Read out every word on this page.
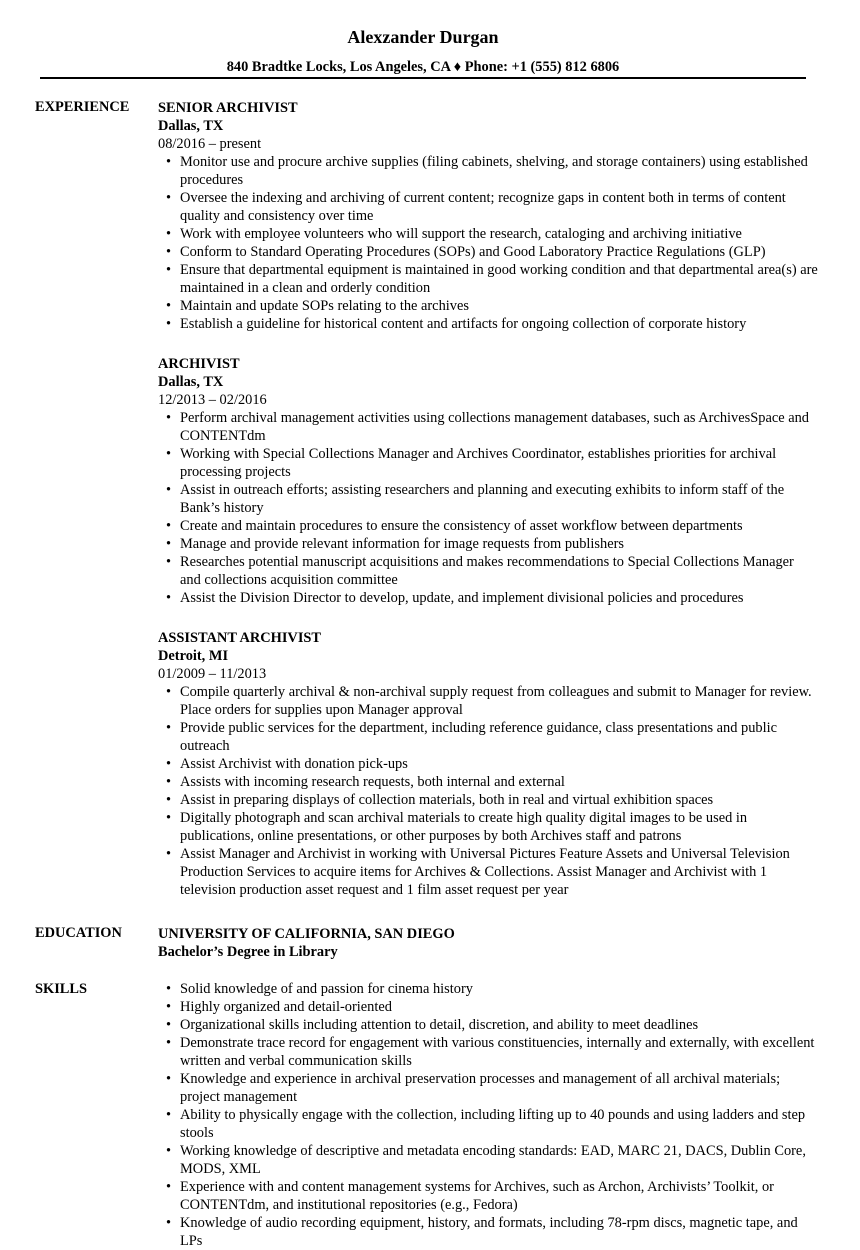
Alexzander Durgan
840 Bradtke Locks, Los Angeles, CA ♦ Phone: +1 (555) 812 6806
EXPERIENCE	SENIOR ARCHIVIST
Dallas, TX
08/2016 – present
• Monitor use and procure archive supplies (filing cabinets, shelving, and storage containers) using established procedures
• Oversee the indexing and archiving of current content; recognize gaps in content both in terms of content quality and consistency over time
• Work with employee volunteers who will support the research, cataloging and archiving initiative
• Conform to Standard Operating Procedures (SOPs) and Good Laboratory Practice Regulations (GLP)
• Ensure that departmental equipment is maintained in good working condition and that departmental area(s) are maintained in a clean and orderly condition
• Maintain and update SOPs relating to the archives
• Establish a guideline for historical content and artifacts for ongoing collection of corporate history
ARCHIVIST
Dallas, TX
12/2013 – 02/2016
• Perform archival management activities using collections management databases, such as ArchivesSpace and CONTENTdm
• Working with Special Collections Manager and Archives Coordinator, establishes priorities for archival processing projects
• Assist in outreach efforts; assisting researchers and planning and executing exhibits to inform staff of the Bank’s history
• Create and maintain procedures to ensure the consistency of asset workflow between departments
• Manage and provide relevant information for image requests from publishers
• Researches potential manuscript acquisitions and makes recommendations to Special Collections Manager and collections acquisition committee
• Assist the Division Director to develop, update, and implement divisional policies and procedures
ASSISTANT ARCHIVIST
Detroit, MI
01/2009 – 11/2013
• Compile quarterly archival & non-archival supply request from colleagues and submit to Manager for review. Place orders for supplies upon Manager approval
• Provide public services for the department, including reference guidance, class presentations and public outreach
• Assist Archivist with donation pick-ups
• Assists with incoming research requests, both internal and external
• Assist in preparing displays of collection materials, both in real and virtual exhibition spaces
• Digitally photograph and scan archival materials to create high quality digital images to be used in publications, online presentations, or other purposes by both Archives staff and patrons
• Assist Manager and Archivist in working with Universal Pictures Feature Assets and Universal Television Production Services to acquire items for Archives & Collections. Assist Manager and Archivist with 1 television production asset request and 1 film asset request per year
EDUCATION	UNIVERSITY OF CALIFORNIA, SAN DIEGO
Bachelor’s Degree in Library
SKILLS
•	Solid knowledge of and passion for cinema history
• Highly organized and detail-oriented
• Organizational skills including attention to detail, discretion, and ability to meet deadlines
• Demonstrate trace record for engagement with various constituencies, internally and externally, with excellent written and verbal communication skills
• Knowledge and experience in archival preservation processes and management of all archival materials; project management
• Ability to physically engage with the collection, including lifting up to 40 pounds and using ladders and step stools
• Working knowledge of descriptive and metadata encoding standards: EAD, MARC 21, DACS, Dublin Core, MODS, XML
• Experience with and content management systems for Archives, such as Archon, Archivists’ Toolkit, or CONTENTdm, and institutional repositories (e.g., Fedora)
• Knowledge of audio recording equipment, history, and formats, including 78-rpm discs, magnetic tape, and LPs
